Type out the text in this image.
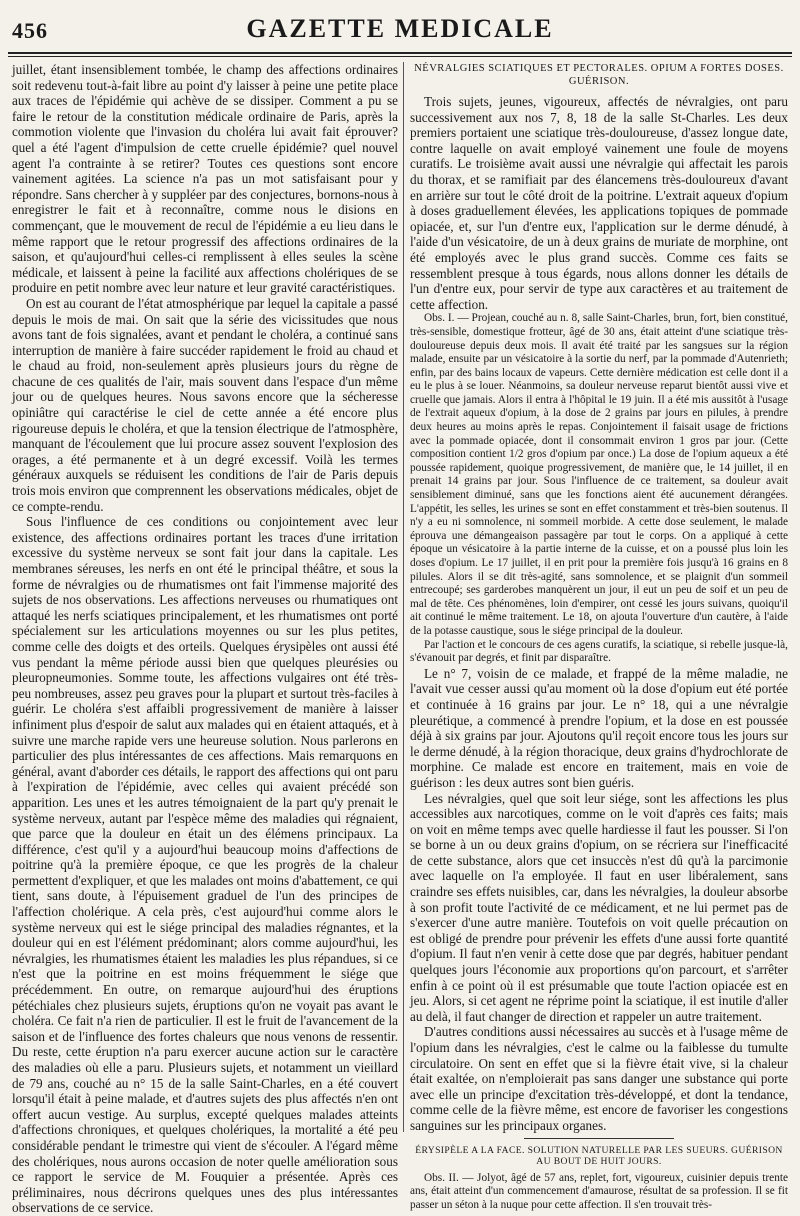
456	GAZETTE MEDICALE

juillet, étant insensiblement tombée, le champ des affections ordinaires soit redevenu tout-à-fait libre au point d'y laisser à peine une petite place aux traces de l'épidémie qui achève de se dissiper. Comment a pu se faire le retour de la constitution médicale ordinaire de Paris, après la commotion violente que l'invasion du choléra lui avait fait éprouver? quel a été l'agent d'impulsion de cette cruelle épidémie? quel nouvel agent l'a contrainte à se retirer? Toutes ces questions sont encore vainement agitées. La science n'a pas un mot satisfaisant pour y répondre. Sans chercher à y suppléer par des conjectures, bornons-nous à enregistrer le fait et à reconnaître, comme nous le disions en commençant, que le mouvement de recul de l'épidémie a eu lieu dans le même rapport que le retour progressif des affections ordinaires de la saison, et qu'aujourd'hui celles-ci remplissent à elles seules la scène médicale, et laissent à peine la facilité aux affections cholériques de se produire en petit nombre avec leur nature et leur gravité caractéristiques.

On est au courant de l'état atmosphérique par lequel la capitale a passé depuis le mois de mai. On sait que la série des vicissitudes que nous avons tant de fois signalées, avant et pendant le choléra, a continué sans interruption de manière à faire succéder rapidement le froid au chaud et le chaud au froid, non-seulement après plusieurs jours du règne de chacune de ces qualités de l'air, mais souvent dans l'espace d'un même jour ou de quelques heures. Nous savons encore que la sécheresse opiniâtre qui caractérise le ciel de cette année a été encore plus rigoureuse depuis le choléra, et que la tension électrique de l'atmosphère, manquant de l'écoulement que lui procure assez souvent l'explosion des orages, a été permanente et à un degré excessif. Voilà les termes généraux auxquels se réduisent les conditions de l'air de Paris depuis trois mois environ que comprennent les observations médicales, objet de ce compte-rendu.

Sous l'influence de ces conditions ou conjointement avec leur existence, des affections ordinaires portant les traces d'une irritation excessive du système nerveux se sont fait jour dans la capitale. Les membranes séreuses, les nerfs en ont été le principal théâtre, et sous la forme de névralgies ou de rhumatismes ont fait l'immense majorité des sujets de nos observations. Les affections nerveuses ou rhumatiques ont attaqué les nerfs sciatiques principalement, et les rhumatismes ont porté spécialement sur les articulations moyennes ou sur les plus petites, comme celle des doigts et des orteils. Quelques érysipèles ont aussi été vus pendant la même période aussi bien que quelques pleurésies ou pleuropneumonies. Somme toute, les affections vulgaires ont été très-peu nombreuses, assez peu graves pour la plupart et surtout très-faciles à guérir. Le choléra s'est affaibli progressivement de manière à laisser infiniment plus d'espoir de salut aux malades qui en étaient attaqués, et à suivre une marche rapide vers une heureuse solution. Nous parlerons en particulier des plus intéressantes de ces affections. Mais remarquons en général, avant d'aborder ces détails, le rapport des affections qui ont paru à l'expiration de l'épidémie, avec celles qui avaient précédé son apparition. Les unes et les autres témoignaient de la part qu'y prenait le système nerveux, autant par l'espèce même des maladies qui régnaient, que parce que la douleur en était un des élémens principaux. La différence, c'est qu'il y a aujourd'hui beaucoup moins d'affections de poitrine qu'à la première époque, ce que les progrès de la chaleur permettent d'expliquer, et que les malades ont moins d'abattement, ce qui tient, sans doute, à l'épuisement graduel de l'un des principes de l'affection cholérique. A cela près, c'est aujourd'hui comme alors le système nerveux qui est le siége principal des maladies régnantes, et la douleur qui en est l'élément prédominant; alors comme aujourd'hui, les névralgies, les rhumatismes étaient les maladies les plus répandues, si ce n'est que la poitrine en est moins fréquemment le siége que précédemment. En outre, on remarque aujourd'hui des éruptions pétéchiales chez plusieurs sujets, éruptions qu'on ne voyait pas avant le choléra. Ce fait n'a rien de particulier. Il est le fruit de l'avancement de la saison et de l'influence des fortes chaleurs que nous venons de ressentir. Du reste, cette éruption n'a paru exercer aucune action sur le caractère des maladies où elle a paru. Plusieurs sujets, et notamment un vieillard de 79 ans, couché au n° 15 de la salle Saint-Charles, en a été couvert lorsqu'il était à peine malade, et d'autres sujets des plus affectés n'en ont offert aucun vestige. Au surplus, excepté quelques malades atteints d'affections chroniques, et quelques cholériques, la mortalité a été peu considérable pendant le trimestre qui vient de s'écouler. A l'égard même des cholériques, nous aurons occasion de noter quelle amélioration sous ce rapport le service de M. Fouquier a présentée. Après ces préliminaires, nous décrirons quelques unes des plus intéressantes observations de ce service.

NÉVRALGIES SCIATIQUES ET PECTORALES. OPIUM A FORTES DOSES. GUÉRISON.

Trois sujets, jeunes, vigoureux, affectés de névralgies, ont paru successivement aux nos 7, 8, 18 de la salle St-Charles. Les deux premiers portaient une sciatique très-douloureuse, d'assez longue date, contre laquelle on avait employé vainement une foule de moyens curatifs. Le troisième avait aussi une névralgie qui affectait les parois du thorax, et se ramifiait par des élancemens très-douloureux d'avant en arrière sur tout le côté droit de la poitrine. L'extrait aqueux d'opium à doses graduellement élevées, les applications topiques de pommade opiacée, et, sur l'un d'entre eux, l'application sur le derme dénudé, à l'aide d'un vésicatoire, de un à deux grains de muriate de morphine, ont été employés avec le plus grand succès. Comme ces faits se ressemblent presque à tous égards, nous allons donner les détails de l'un d'entre eux, pour servir de type aux caractères et au traitement de cette affection.

Obs. I. — Projean, couché au n. 8, salle Saint-Charles, brun, fort, bien constitué, très-sensible, domestique frotteur, âgé de 30 ans, était atteint d'une sciatique très-douloureuse depuis deux mois. Il avait été traité par les sangsues sur la région malade, ensuite par un vésicatoire à la sortie du nerf, par la pommade d'Autenrieth; enfin, par des bains locaux de vapeurs. Cette dernière médication est celle dont il a eu le plus à se louer. Néanmoins, sa douleur nerveuse reparut bientôt aussi vive et cruelle que jamais. Alors il entra à l'hôpital le 19 juin. Il a été mis aussitôt à l'usage de l'extrait aqueux d'opium, à la dose de 2 grains par jours en pilules, à prendre deux heures au moins après le repas. Conjointement il faisait usage de frictions avec la pommade opiacée, dont il consommait environ 1 gros par jour. (Cette composition contient 1/2 gros d'opium par once.) La dose de l'opium aqueux a été poussée rapidement, quoique progressivement, de manière que, le 14 juillet, il en prenait 14 grains par jour. Sous l'influence de ce traitement, sa douleur avait sensiblement diminué, sans que les fonctions aient été aucunement dérangées. L'appétit, les selles, les urines se sont en effet constamment et très-bien soutenus. Il n'y a eu ni somnolence, ni sommeil morbide. A cette dose seulement, le malade éprouva une démangeaison passagère par tout le corps. On a appliqué à cette époque un vésicatoire à la partie interne de la cuisse, et on a poussé plus loin les doses d'opium. Le 17 juillet, il en prit pour la première fois jusqu'à 16 grains en 8 pilules. Alors il se dit très-agité, sans somnolence, et se plaignit d'un sommeil entrecoupé; ses garderobes manquèrent un jour, il eut un peu de soif et un peu de mal de tête. Ces phénomènes, loin d'empirer, ont cessé les jours suivans, quoiqu'il ait continué le même traitement. Le 18, on ajouta l'ouverture d'un cautère, à l'aide de la potasse caustique, sous le siége principal de la douleur.

Par l'action et le concours de ces agens curatifs, la sciatique, si rebelle jusque-là, s'évanouit par degrés, et finit par disparaître.

Le n° 7, voisin de ce malade, et frappé de la même maladie, ne l'avait vue cesser aussi qu'au moment où la dose d'opium eut été portée et continuée à 16 grains par jour. Le n° 18, qui a une névralgie pleurétique, a commencé à prendre l'opium, et la dose en est poussée déjà à six grains par jour. Ajoutons qu'il reçoit encore tous les jours sur le derme dénudé, à la région thoracique, deux grains d'hydrochlorate de morphine. Ce malade est encore en traitement, mais en voie de guérison : les deux autres sont bien guéris.

Les névralgies, quel que soit leur siége, sont les affections les plus accessibles aux narcotiques, comme on le voit d'après ces faits; mais on voit en même temps avec quelle hardiesse il faut les pousser. Si l'on se borne à un ou deux grains d'opium, on se récriera sur l'inefficacité de cette substance, alors que cet insuccès n'est dû qu'à la parcimonie avec laquelle on l'a employée. Il faut en user libéralement, sans craindre ses effets nuisibles, car, dans les névralgies, la douleur absorbe à son profit toute l'activité de ce médicament, et ne lui permet pas de s'exercer d'une autre manière. Toutefois on voit quelle précaution on est obligé de prendre pour prévenir les effets d'une aussi forte quantité d'opium. Il faut n'en venir à cette dose que par degrés, habituer pendant quelques jours l'économie aux proportions qu'on parcourt, et s'arrêter enfin à ce point où il est présumable que toute l'action opiacée est en jeu. Alors, si cet agent ne réprime point la sciatique, il est inutile d'aller au delà, il faut changer de direction et rappeler un autre traitement.

D'autres conditions aussi nécessaires au succès et à l'usage même de l'opium dans les névralgies, c'est le calme ou la faiblesse du tumulte circulatoire. On sent en effet que si la fièvre était vive, si la chaleur était exaltée, on n'emploierait pas sans danger une substance qui porte avec elle un principe d'excitation très-développé, et dont la tendance, comme celle de la fièvre même, est encore de favoriser les congestions sanguines sur les principaux organes.

ÉRYSIPÈLE A LA FACE. SOLUTION NATURELLE PAR LES SUEURS. GUÉRISON AU BOUT DE HUIT JOURS.

Obs. II. — Jolyot, âgé de 57 ans, replet, fort, vigoureux, cuisinier depuis trente ans, était atteint d'un commencement d'amaurose, résultat de sa profession. Il se fit passer un séton à la nuque pour cette affection. Il s'en trouvait très-
